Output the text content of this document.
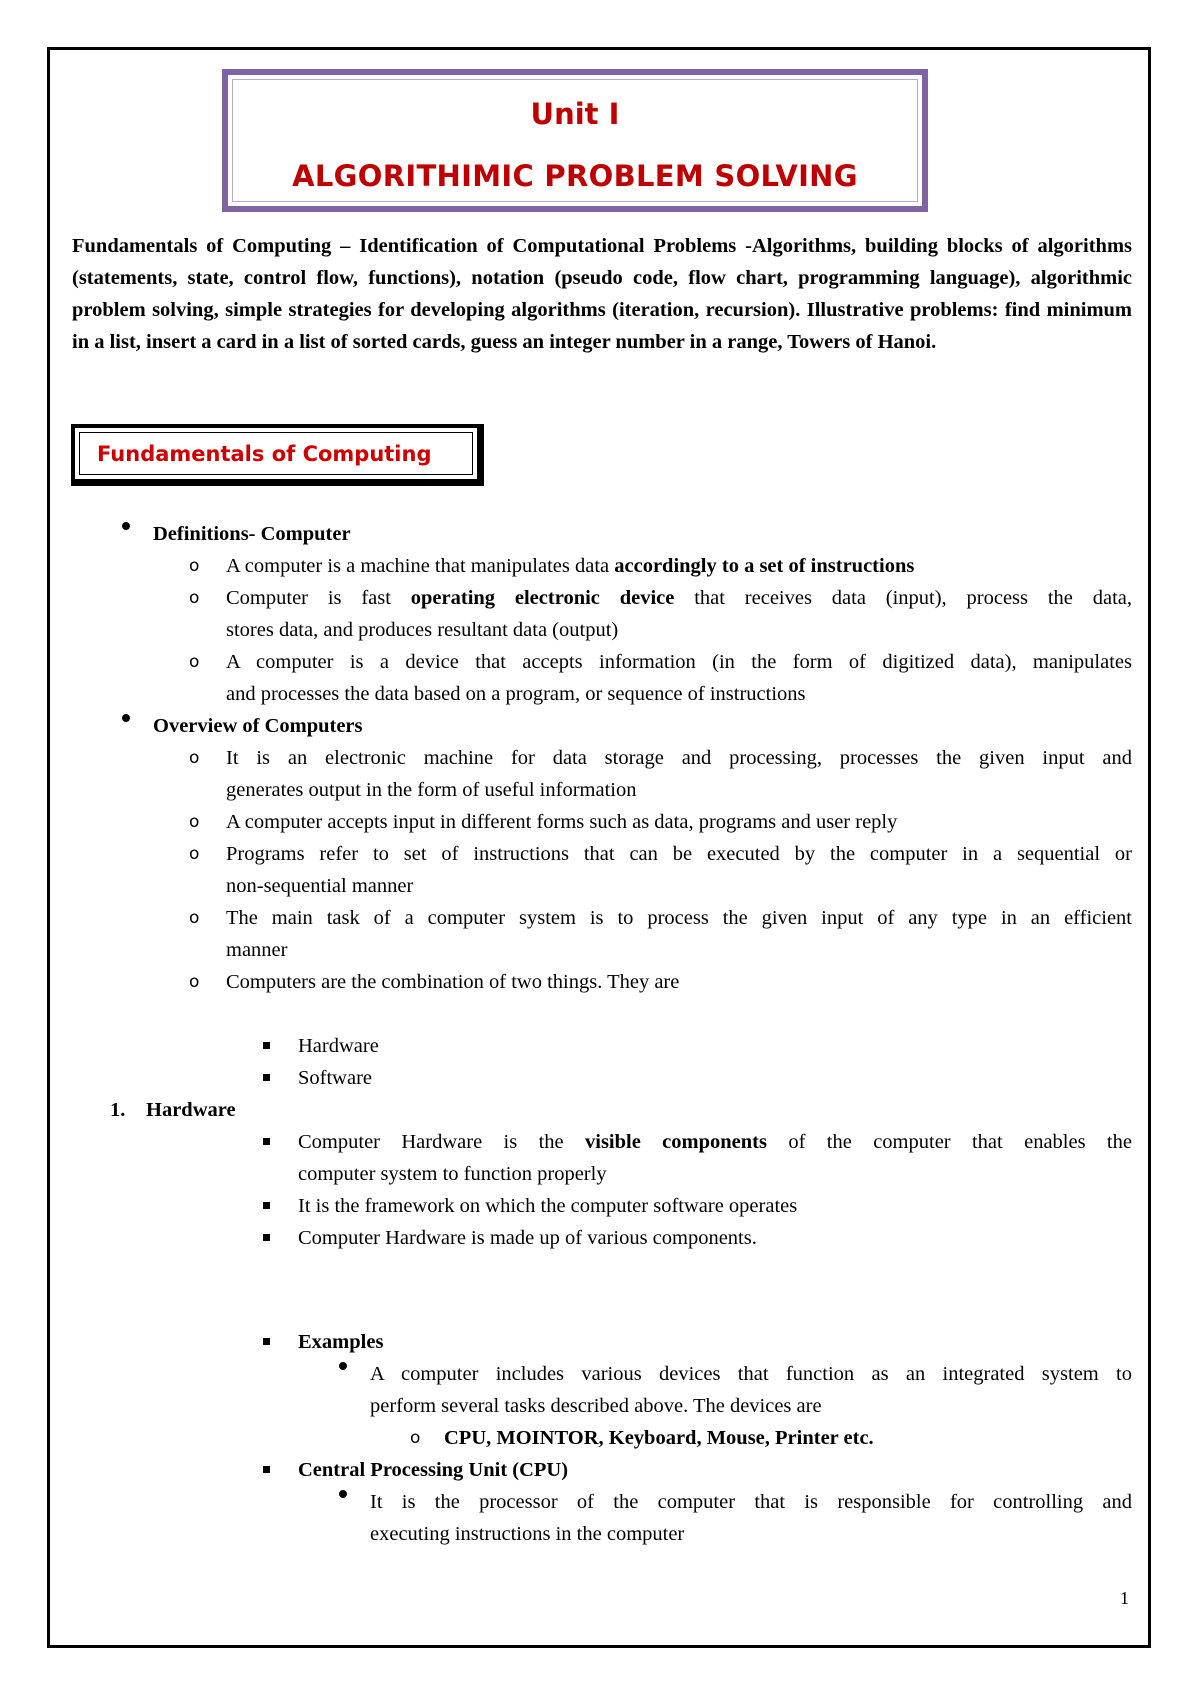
Unit I
ALGORITHIMIC PROBLEM SOLVING
Fundamentals of Computing – Identification of Computational Problems -Algorithms, building blocks of algorithms (statements, state, control flow, functions), notation (pseudo code, flow chart, programming language), algorithmic problem solving, simple strategies for developing algorithms (iteration, recursion). Illustrative problems: find minimum in a list, insert a card in a list of sorted cards, guess an integer number in a range, Towers of Hanoi.
Fundamentals of Computing
Definitions- Computer
o A computer is a machine that manipulates data accordingly to a set of instructions
o Computer is fast operating electronic device that receives data (input), process the data,
stores data, and produces resultant data (output)
o A computer is a device that accepts information (in the form of digitized data), manipulates
and processes the data based on a program, or sequence of instructions
Overview of Computers
o It is an electronic machine for data storage and processing, processes the given input and
generates output in the form of useful information
o A computer accepts input in different forms such as data, programs and user reply
o Programs refer to set of instructions that can be executed by the computer in a sequential or
non-sequential manner
o The main task of a computer system is to process the given input of any type in an efficient
manner
o Computers are the combination of two things. They are
Hardware
Software
1. Hardware
Computer Hardware is the visible components of the computer that enables the
computer system to function properly
It is the framework on which the computer software operates
Computer Hardware is made up of various components.
Examples
A computer includes various devices that function as an integrated system to
perform several tasks described above. The devices are
o CPU, MOINTOR, Keyboard, Mouse, Printer etc.
Central Processing Unit (CPU)
It is the processor of the computer that is responsible for controlling and
executing instructions in the computer
1
